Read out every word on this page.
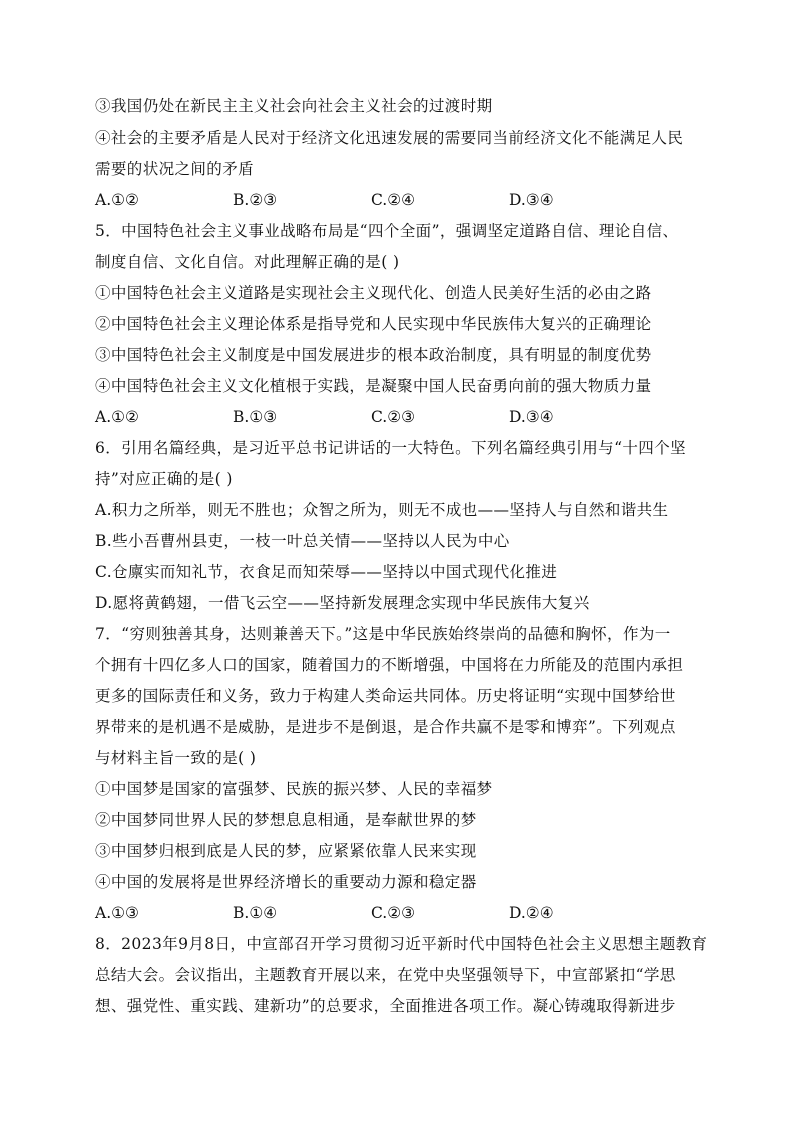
③我国仍处在新民主主义社会向社会主义社会的过渡时期
④社会的主要矛盾是人民对于经济文化迅速发展的需要同当前经济文化不能满足人民
需要的状况之间的矛盾
A.①②	B.②③	C.②④	D.③④
5．中国特色社会主义事业战略布局是“四个全面”，强调坚定道路自信、理论自信、
制度自信、文化自信。对此理解正确的是( )
①中国特色社会主义道路是实现社会主义现代化、创造人民美好生活的必由之路
②中国特色社会主义理论体系是指导党和人民实现中华民族伟大复兴的正确理论
③中国特色社会主义制度是中国发展进步的根本政治制度，具有明显的制度优势
④中国特色社会主义文化植根于实践，是凝聚中国人民奋勇向前的强大物质力量
A.①②	B.①③	C.②③	D.③④
6．引用名篇经典，是习近平总书记讲话的一大特色。下列名篇经典引用与“十四个坚
持”对应正确的是( )
A.积力之所举，则无不胜也；众智之所为，则无不成也——坚持人与自然和谐共生
B.些小吾曹州县吏，一枝一叶总关情——坚持以人民为中心
C.仓廪实而知礼节，衣食足而知荣辱——坚持以中国式现代化推进
D.愿将黄鹤翅，一借飞云空——坚持新发展理念实现中华民族伟大复兴
7．“穷则独善其身，达则兼善天下。”这是中华民族始终崇尚的品德和胸怀，作为一
个拥有十四亿多人口的国家，随着国力的不断增强，中国将在力所能及的范围内承担
更多的国际责任和义务，致力于构建人类命运共同体。历史将证明“实现中国梦给世
界带来的是机遇不是威胁，是进步不是倒退，是合作共赢不是零和博弈”。下列观点
与材料主旨一致的是( )
①中国梦是国家的富强梦、民族的振兴梦、人民的幸福梦
②中国梦同世界人民的梦想息息相通，是奉献世界的梦
③中国梦归根到底是人民的梦，应紧紧依靠人民来实现
④中国的发展将是世界经济增长的重要动力源和稳定器
A.①③	B.①④	C.②③	D.②④
8．2023年9月8日，中宣部召开学习贯彻习近平新时代中国特色社会主义思想主题教育
总结大会。会议指出，主题教育开展以来，在党中央坚强领导下，中宣部紧扣“学思
想、强党性、重实践、建新功”的总要求，全面推进各项工作。凝心铸魂取得新进步
